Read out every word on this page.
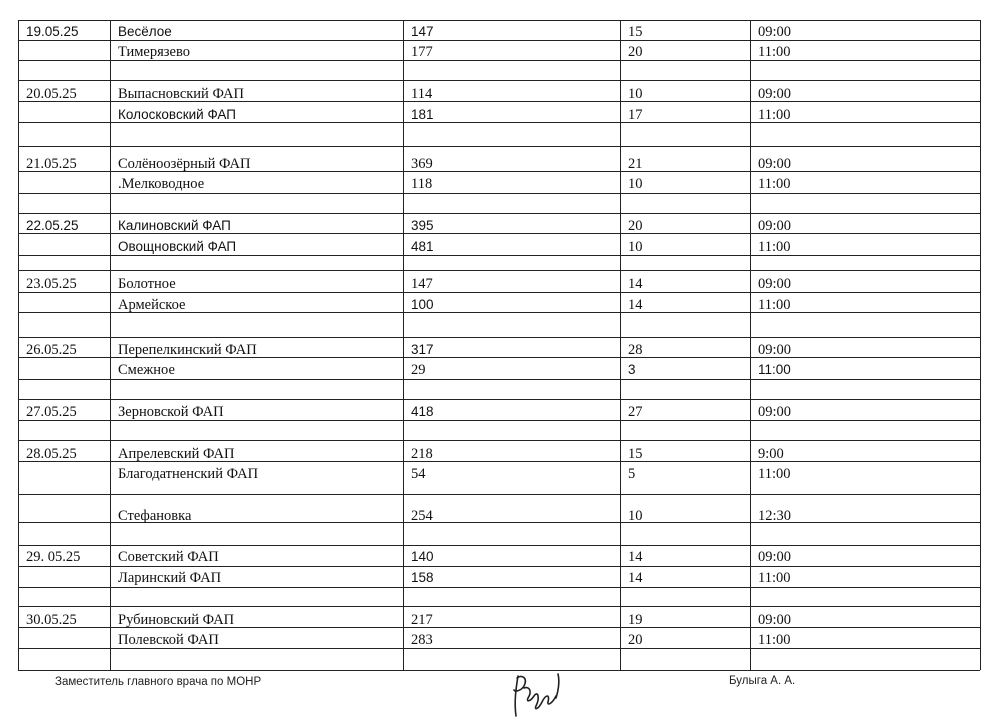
19.05.25	Весёлое	147	15	09:00
Тимерязево	177	20	11:00
20.05.25	Выпасновский ФАП	114	10	09:00
Колосковский ФАП	181	17	11:00
21.05.25	Солёноозёрный ФАП	369	21	09:00
.Мелководное	118	10	11:00
22.05.25	Калиновский ФАП	395	20	09:00
Овощновский ФАП	481	10	11:00
23.05.25	Болотное	147	14	09:00
Армейское	100	14	11:00
26.05.25	Перепелкинский ФАП	317	28	09:00
Смежное	29	3	11:00
27.05.25	Зерновской ФАП	418	27	09:00
28.05.25	Апрелевский ФАП	218	15	9:00
Благодатненский ФАП	54	5	11:00
Стефановка	254	10	12:30
29. 05.25	Советский ФАП	140	14	09:00
Ларинский ФАП	158	14	11:00
30.05.25	Рубиновский ФАП	217	19	09:00
Полевской ФАП	283	20	11:00
Заместитель главного врача по МОНР	Булыга А. А.
